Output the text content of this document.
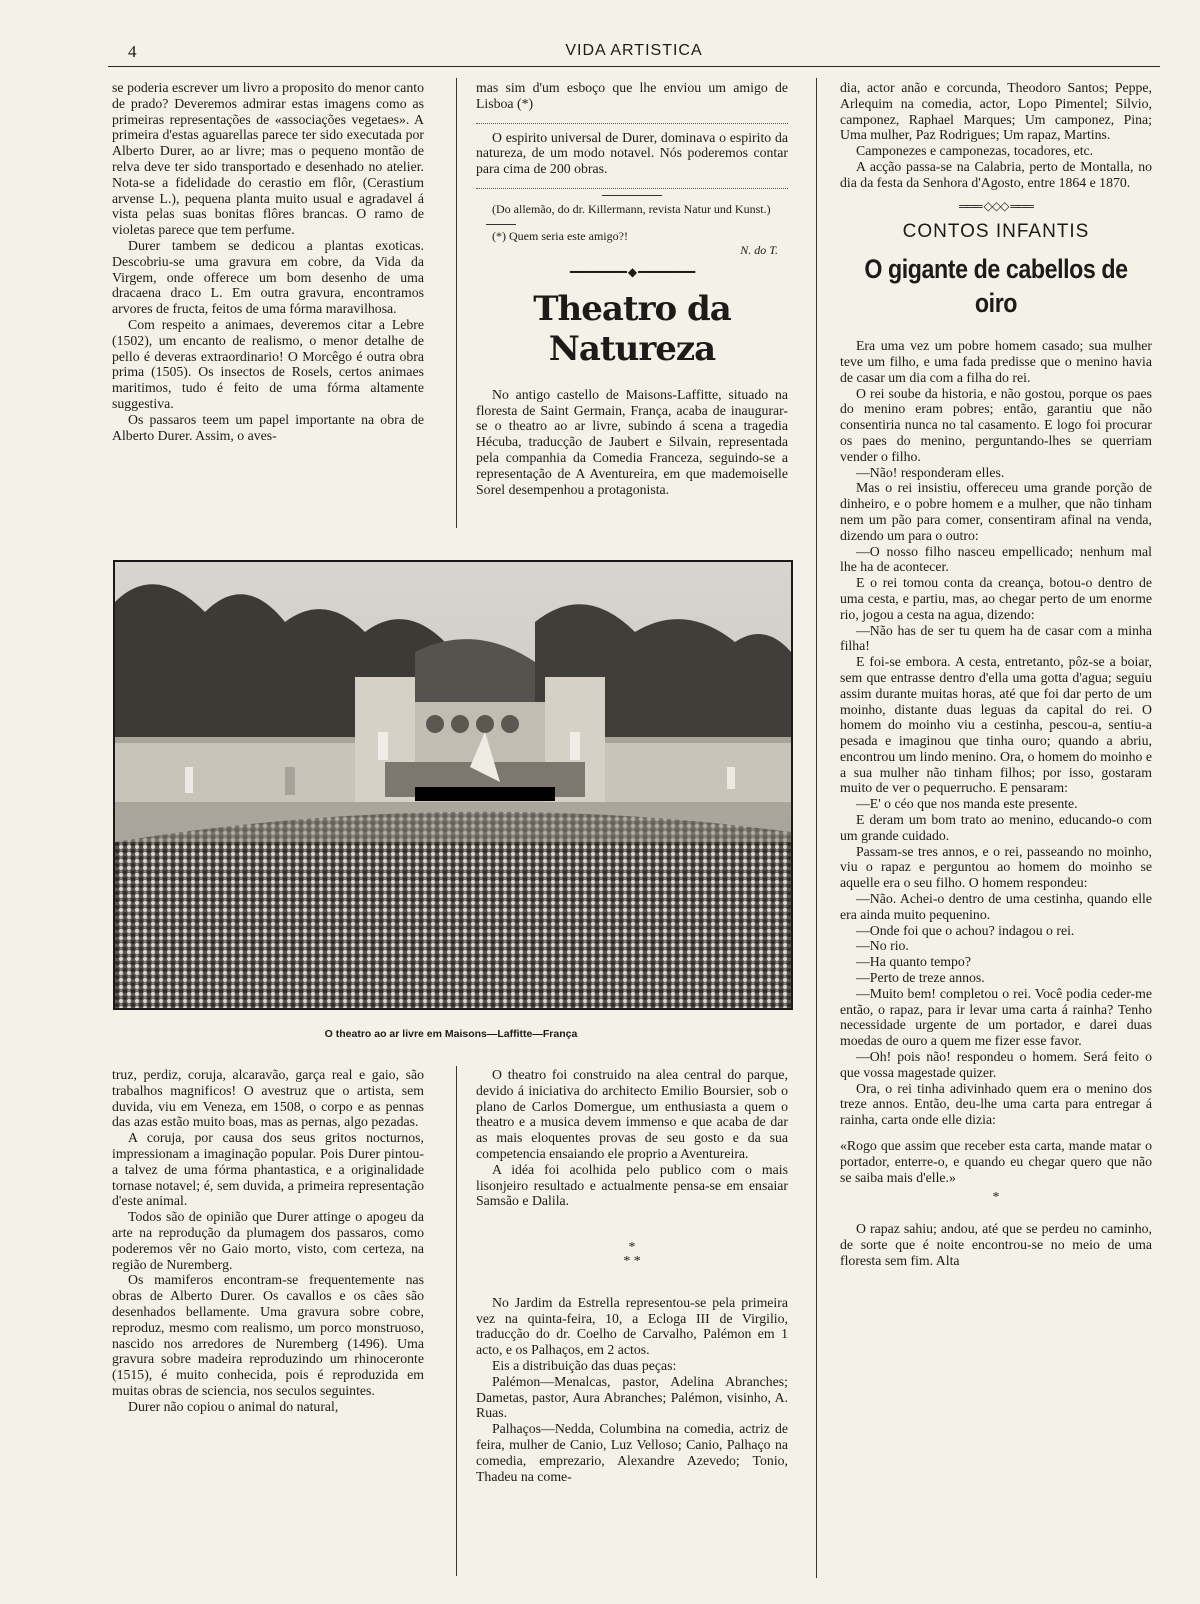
4	VIDA ARTISTICA

se poderia escrever um livro a proposito do menor canto de prado? Deveremos admirar estas imagens como as primeiras representações de «associações vegetaes». A primeira d'estas aguarellas parece ter sido executada por Alberto Durer, ao ar livre; mas o pequeno montão de relva deve ter sido transportado e desenhado no atelier. Nota-se a fidelidade do cerastio em flôr, (Cerastium arvense L.), pequena planta muito usual e agradavel á vista pelas suas bonitas flôres brancas. O ramo de violetas parece que tem perfume.

Durer tambem se dedicou a plantas exoticas. Descobriu-se uma gravura em cobre, da Vida da Virgem, onde offerece um bom desenho de uma dracaena draco L. Em outra gravura, encontramos arvores de fructa, feitos de uma fórma maravilhosa.

Com respeito a animaes, deveremos citar a Lebre (1502), um encanto de realismo, o menor detalhe de pello é deveras extraordinario! O Morcêgo é outra obra prima (1505). Os insectos de Rosels, certos animaes maritimos, tudo é feito de uma fórma altamente suggestiva.

Os passaros teem um papel importante na obra de Alberto Durer. Assim, o aves-

mas sim d'um esboço que lhe enviou um amigo de Lisboa (*)

O espirito universal de Durer, dominava o espirito da natureza, de um modo notavel. Nós poderemos contar para cima de 200 obras.

(Do allemão, do dr. Killermann, revista Natur und Kunst.)

(*) Quem seria este amigo?!

N. do T.

━━━━━━━━━ ◆ ━━━━━━━━━
Theatro da Natureza

No antigo castello de Maisons-Laffitte, situado na floresta de Saint Germain, França, acaba de inaugurar-se o theatro ao ar livre, subindo á scena a tragedia Hécuba, traducção de Jaubert e Silvain, representada pela companhia da Comedia Franceza, seguindo-se a representação de A Aventureira, em que mademoiselle Sorel desempenhou a protagonista.

dia, actor anão e corcunda, Theodoro Santos; Peppe, Arlequim na comedia, actor, Lopo Pimentel; Silvio, camponez, Raphael Marques; Um camponez, Pina; Uma mulher, Paz Rodrigues; Um rapaz, Martins.

Camponezes e camponezas, tocadores, etc.

A acção passa-se na Calabria, perto de Montalla, no dia da festa da Senhora d'Agosto, entre 1864 e 1870.

═══ ◇◇◇ ═══
CONTOS INFANTIS
O gigante de cabellos de oiro

Era uma vez um pobre homem casado; sua mulher teve um filho, e uma fada predisse que o menino havia de casar um dia com a filha do rei.

O rei soube da historia, e não gostou, porque os paes do menino eram pobres; então, garantiu que não consentiria nunca no tal casamento. E logo foi procurar os paes do menino, perguntando-lhes se querriam vender o filho.

—Não! responderam elles.

Mas o rei insistiu, offereceu uma grande porção de dinheiro, e o pobre homem e a mulher, que não tinham nem um pão para comer, consentiram afinal na venda, dizendo um para o outro:

—O nosso filho nasceu empellicado; nenhum mal lhe ha de acontecer.

E o rei tomou conta da creança, botou-o dentro de uma cesta, e partiu, mas, ao chegar perto de um enorme rio, jogou a cesta na agua, dizendo:

—Não has de ser tu quem ha de casar com a minha filha!

E foi-se embora. A cesta, entretanto, pôz-se a boiar, sem que entrasse dentro d'ella uma gotta d'agua; seguiu assim durante muitas horas, até que foi dar perto de um moinho, distante duas leguas da capital do rei. O homem do moinho viu a cestinha, pescou-a, sentiu-a pesada e imaginou que tinha ouro; quando a abriu, encontrou um lindo menino. Ora, o homem do moinho e a sua mulher não tinham filhos; por isso, gostaram muito de ver o pequerrucho. E pensaram:

—E' o céo que nos manda este presente.

E deram um bom trato ao menino, educando-o com um grande cuidado.

Passam-se tres annos, e o rei, passeando no moinho, viu o rapaz e perguntou ao homem do moinho se aquelle era o seu filho. O homem respondeu:

—Não. Achei-o dentro de uma cestinha, quando elle era ainda muito pequenino.

—Onde foi que o achou? indagou o rei.

—No rio.

—Ha quanto tempo?

—Perto de treze annos.

—Muito bem! completou o rei. Você podia ceder-me então, o rapaz, para ir levar uma carta á rainha? Tenho necessidade urgente de um portador, e darei duas moedas de ouro a quem me fizer esse favor.

—Oh! pois não! respondeu o homem. Será feito o que vossa magestade quizer.

Ora, o rei tinha adivinhado quem era o menino dos treze annos. Então, deu-lhe uma carta para entregar á rainha, carta onde elle dizia:

«Rogo que assim que receber esta carta, mande matar o portador, enterre-o, e quando eu chegar quero que não se saiba mais d'elle.»

*

O rapaz sahiu; andou, até que se perdeu no caminho, de sorte que é noite encontrou-se no meio de uma floresta sem fim. Alta

O theatro ao ar livre em Maisons—Laffitte—França

truz, perdiz, coruja, alcaravão, garça real e gaio, são trabalhos magnificos! O avestruz que o artista, sem duvida, viu em Veneza, em 1508, o corpo e as pennas das azas estão muito boas, mas as pernas, algo pezadas.

A coruja, por causa dos seus gritos nocturnos, impressionam a imaginação popular. Pois Durer pintou-a talvez de uma fórma phantastica, e a originalidade tornase notavel; é, sem duvida, a primeira representação d'este animal.

Todos são de opinião que Durer attinge o apogeu da arte na reprodução da plumagem dos passaros, como poderemos vêr no Gaio morto, visto, com certeza, na região de Nuremberg.

Os mamiferos encontram-se frequentemente nas obras de Alberto Durer. Os cavallos e os cães são desenhados bellamente. Uma gravura sobre cobre, reproduz, mesmo com realismo, um porco monstruoso, nascido nos arredores de Nuremberg (1496). Uma gravura sobre madeira reproduzindo um rhinoceronte (1515), é muito conhecida, pois é reproduzida em muitas obras de sciencia, nos seculos seguintes.

Durer não copiou o animal do natural,

O theatro foi construido na alea central do parque, devido á iniciativa do architecto Emilio Boursier, sob o plano de Carlos Domergue, um enthusiasta a quem o theatro e a musica devem immenso e que acaba de dar as mais eloquentes provas de seu gosto e da sua competencia ensaiando ele proprio a Aventureira.

A idéa foi acolhida pelo publico com o mais lisonjeiro resultado e actualmente pensa-se em ensaiar Samsão e Dalila.

*
* *

No Jardim da Estrella representou-se pela primeira vez na quinta-feira, 10, a Ecloga III de Virgilio, traducção do dr. Coelho de Carvalho, Palémon em 1 acto, e os Palhaços, em 2 actos.

Eis a distribuição das duas peças:

Palémon—Menalcas, pastor, Adelina Abranches; Dametas, pastor, Aura Abranches; Palémon, visinho, A. Ruas.

Palhaços—Nedda, Columbina na comedia, actriz de feira, mulher de Canio, Luz Velloso; Canio, Palhaço na comedia, emprezario, Alexandre Azevedo; Tonio, Thadeu na come-
